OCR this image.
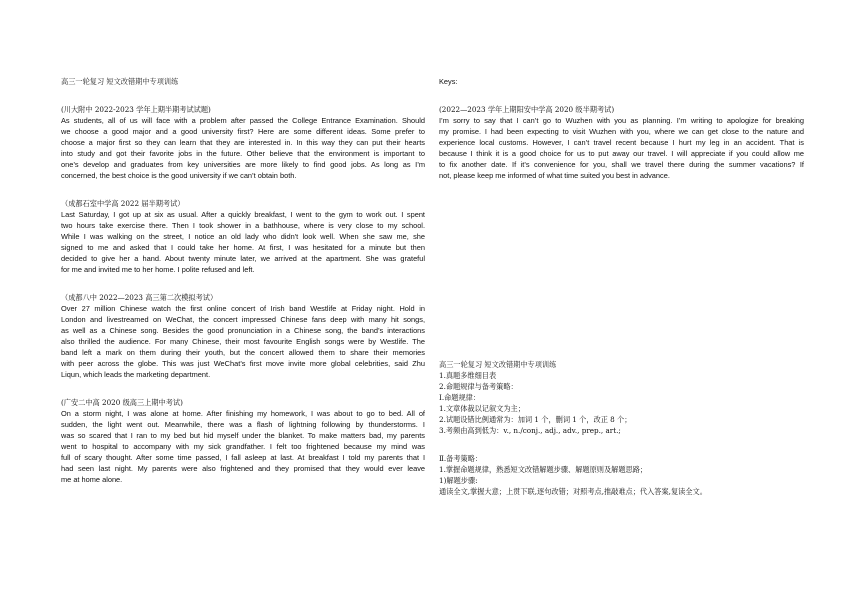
高三一轮复习 短文改错期中专项训练
(川大附中 2022-2023 学年上期半期考试试题)
As students, all of us will face with a problem after passed the College Entrance Examination. Should
we choose a good major and a good university first? Here are some different ideas. Some prefer to
choose a major first so they can learn that they are interested in. In this way they can put their hearts
into study and got their favorite jobs in the future. Other believe that the environment is important to
one’s develop and graduates from key universities are more likely to find good jobs. As long as I’m
concerned, the best choice is the good university if we can’t obtain both.
（成都石室中学高 2022 届半期考试）
Last Saturday, I got up at six as usual. After a quickly breakfast, I went to the gym to work out. I spent
two hours take exercise there. Then I took shower in a bathhouse, where is very close to my school.
While I was walking on the street, I notice an old lady who didn't look well. When she saw me, she
signed to me and asked that I could take her home. At first, I was hesitated for a minute but then
decided to give her a hand. About twenty minute later, we arrived at the apartment. She was grateful
for me and invited me to her home. I polite refused and left.
（成都八中 2022—2023 高三第二次模拟考试）
Over 27 million Chinese watch the first online concert of Irish band Westlife at Friday night. Hold in
London and livestreamed on WeChat, the concert impressed Chinese fans deep with many hit songs,
as well as a Chinese song. Besides the good pronunciation in a Chinese song, the band’s interactions
also thrilled the audience. For many Chinese, their most favourite English songs were by Westlife. The
band left a mark on them during their youth, but the concert allowed them to share their memories
with peer across the globe. This was just WeChat’s first move invite more global celebrities, said Zhu
Liqun, which leads the marketing department.
(广安二中高 2020 级高三上期中考试)
On a storm night, I was alone at home. After finishing my homework, I was about to go to bed. All of
sudden, the light went out. Meanwhile, there was a flash of lightning following by thunderstorms. I
was so scared that I ran to my bed but hid myself under the blanket. To make matters bad, my parents
went to hospital to accompany with my sick grandfather. I felt too frightened because my mind was
full of scary thought. After some time passed, I fall asleep at last. At breakfast I told my parents that I
had seen last night. My parents were also frightened and they promised that they would ever leave
me at home alone.
Keys:
(2022—2023 学年上期阳安中学高 2020 级半期考试)
I’m sorry to say that I can’t go to Wuzhen with you as planning. I’m writing to apologize for breaking
my promise. I had been expecting to visit Wuzhen with you, where we can get close to the nature and
experience local customs. However, I can’t travel recent because I hurt my leg in an accident. That is
because I think it is a good choice for us to put away our travel. I will appreciate if you could allow me
to fix another date. If it’s convenience for you, shall we travel there during the summer vacations? If
not, please keep me informed of what time suited you best in advance.
高三一轮复习 短文改错期中专项训练
1.真题多维细目表
2.命题规律与备考策略：
Ⅰ.命题规律：
1.文章体裁以记叙文为主；
2.试题设错比例通常为：加词 1 个，删词 1 个，改正 8 个；
3.考频由高到低为：v., n./conj., adj., adv., prep., art.;
Ⅱ.备考策略：
1.掌握命题规律，熟悉短文改错解题步骤、解题原则及解题思路；
1)解题步骤:
通读全文,掌握大意；上贯下联,逐句改错；对照考点,推敲难点；代入答案,复读全文。
